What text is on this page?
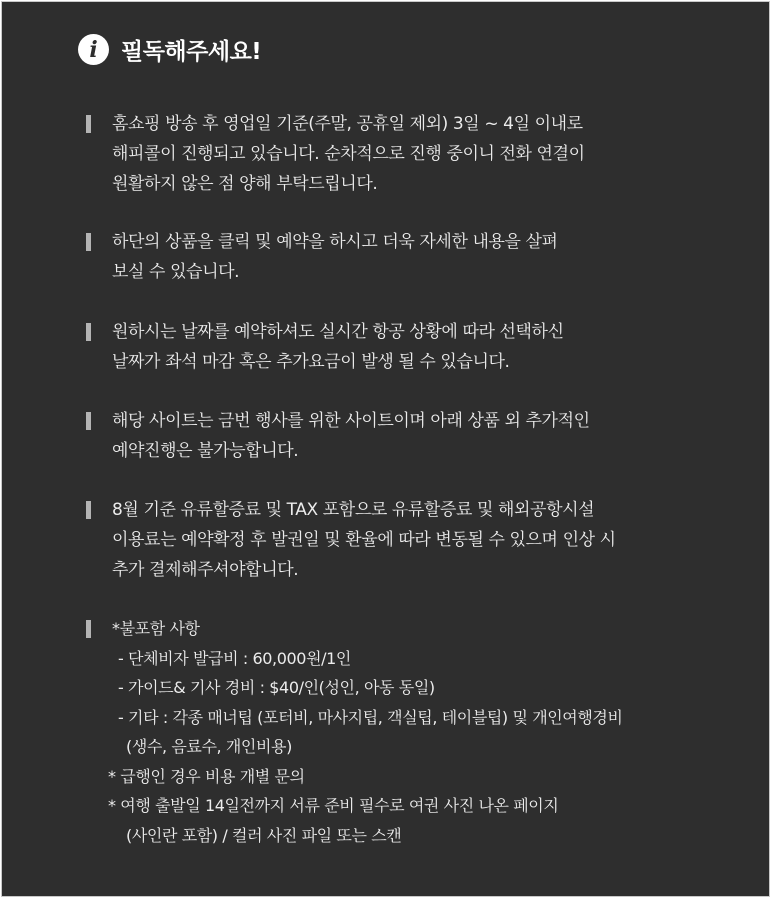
i 필독해주세요!
홈쇼핑 방송 후 영업일 기준(주말, 공휴일 제외) 3일 ~ 4일 이내로
해피콜이 진행되고 있습니다. 순차적으로 진행 중이니 전화 연결이
원활하지 않은 점 양해 부탁드립니다.
하단의 상품을 클릭 및 예약을 하시고 더욱 자세한 내용을 살펴
보실 수 있습니다.
원하시는 날짜를 예약하셔도 실시간 항공 상황에 따라 선택하신
날짜가 좌석 마감 혹은 추가요금이 발생 될 수 있습니다.
해당 사이트는 금번 행사를 위한 사이트이며 아래 상품 외 추가적인
예약진행은 불가능합니다.
8월 기준 유류할증료 및 TAX 포함으로 유류할증료 및 해외공항시설
이용료는 예약확정 후 발권일 및 환율에 따라 변동될 수 있으며 인상 시
추가 결제해주셔야합니다.
*불포함 사항
- 단체비자 발급비 : 60,000원/1인
- 가이드& 기사 경비 : $40/인(성인, 아동 동일)
- 기타 : 각종 매너팁 (포터비, 마사지팁, 객실팁, 테이블팁) 및 개인여행경비
(생수, 음료수, 개인비용)
* 급행인 경우 비용 개별 문의
* 여행 출발일 14일전까지 서류 준비 필수로 여권 사진 나온 페이지
(사인란 포함) / 컬러 사진 파일 또는 스캔
